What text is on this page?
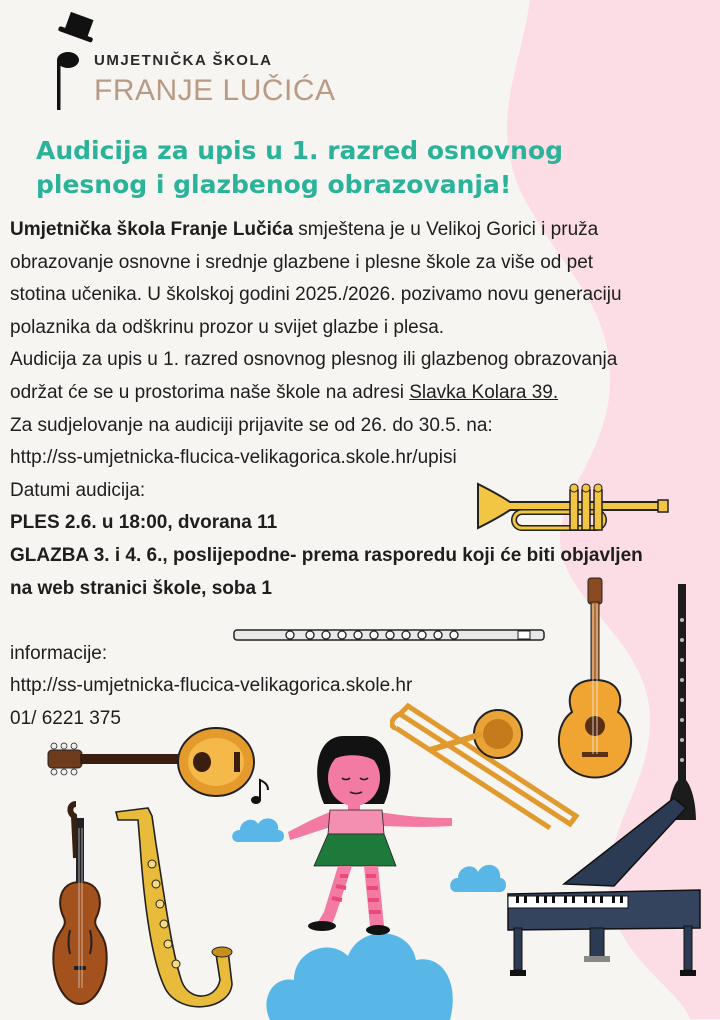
UMJETNIČKA ŠKOLA
FRANJE LUČIĆA
Audicija za upis u 1. razred osnovnog
plesnog i glazbenog obrazovanja!
Umjetnička škola Franje Lučića smještena je u Velikoj Gorici i pruža
obrazovanje osnovne i srednje glazbene i plesne škole za više od pet
stotina učenika. U školskoj godini 2025./2026. pozivamo novu generaciju
polaznika da odškrinu prozor u svijet glazbe i plesa.
Audicija za upis u 1. razred osnovnog plesnog ili glazbenog obrazovanja
održat će se u prostorima naše škole na adresi Slavka Kolara 39.
Za sudjelovanje na audiciji prijavite se od 26. do 30.5. na:
http://ss-umjetnicka-flucica-velikagorica.skole.hr/upisi
Datumi audicija:
PLES 2.6. u 18:00, dvorana 11
GLAZBA 3. i 4. 6., poslijepodne- prema rasporedu koji će biti objavljen
na web stranici škole, soba 1

informacije:
http://ss-umjetnicka-flucica-velikagorica.skole.hr
01/ 6221 375
